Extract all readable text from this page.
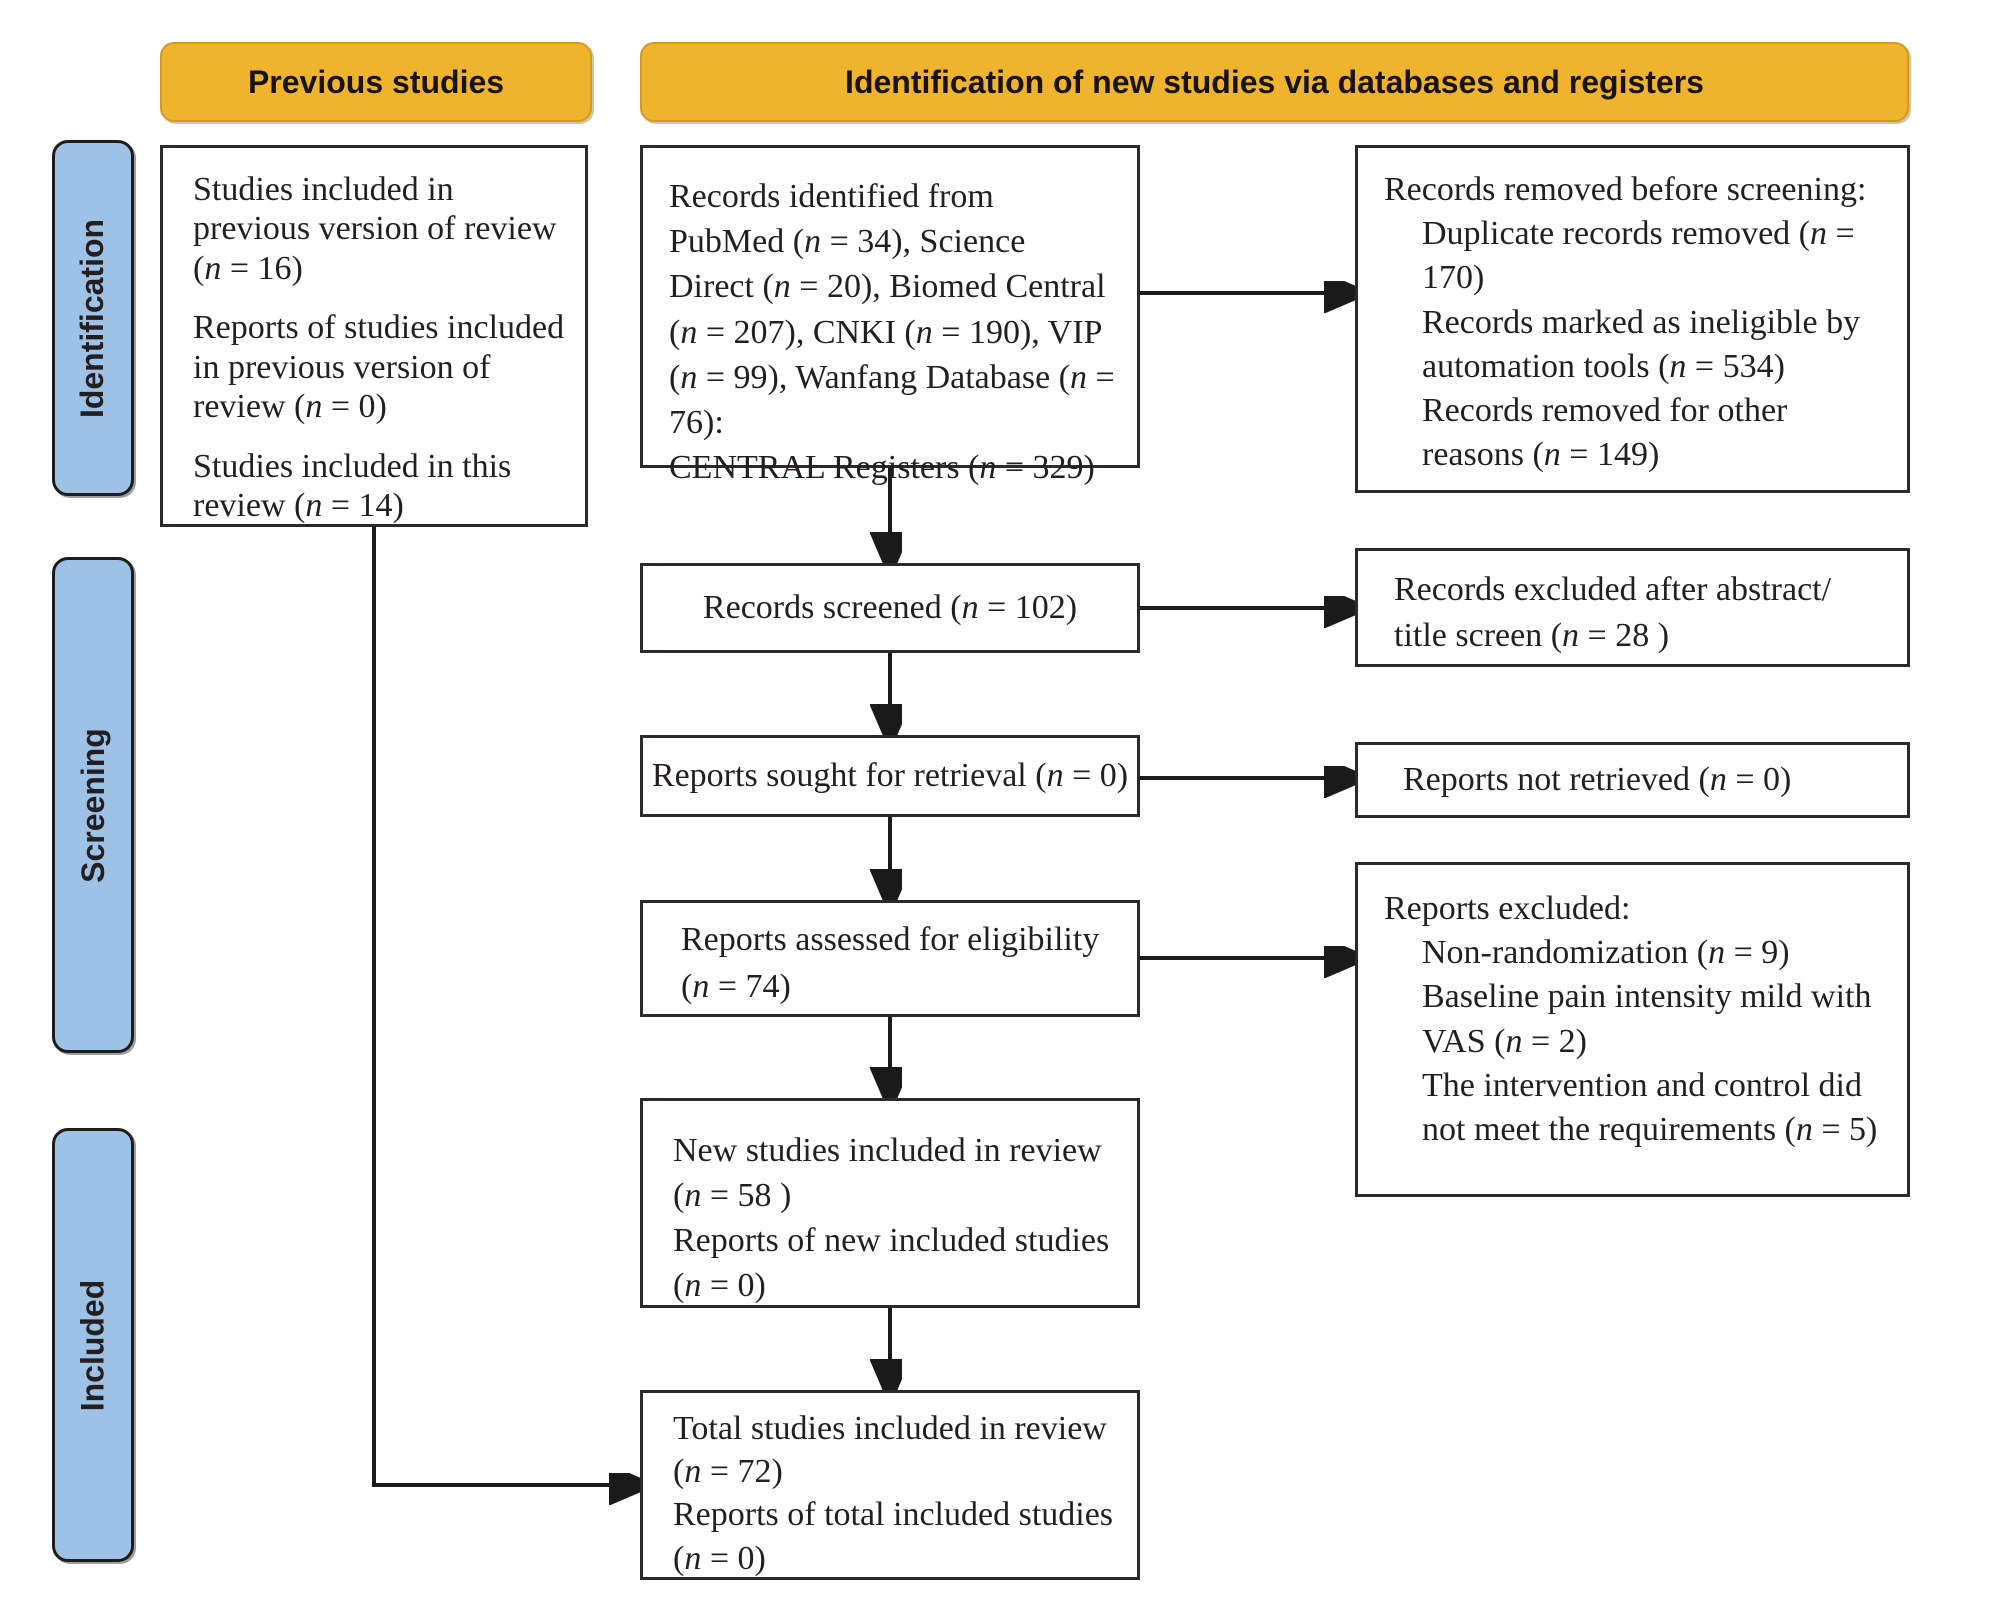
Previous studies	Identification of new studies via databases and registers
Identification
Screening
Included

Studies included in previous version of review (n = 16)

Reports of studies included in previous version of review (n = 0)

Studies included in this review (n = 14)

Records identified from PubMed (n = 34), Science Direct (n = 20), Biomed Central (n = 207), CNKI (n = 190), VIP (n = 99), Wanfang Database (n = 76):

CENTRAL Registers (n = 329)

Records removed before screening:

Duplicate records removed (n = 170)

Records marked as ineligible by automation tools (n = 534)

Records removed for other reasons (n = 149)

Records screened (n = 102)	Records excluded after abstract/

title screen (n = 28 )

Reports sought for retrieval (n = 0)	Reports not retrieved (n = 0)

Reports assessed for eligibility

(n = 74)

Reports excluded:

Non-randomization (n = 9)

Baseline pain intensity mild with VAS (n = 2)

The intervention and control did not meet the requirements (n = 5)

New studies included in review

(n = 58 )

Reports of new included studies

(n = 0)

Total studies included in review

(n = 72)

Reports of total included studies

(n = 0)
